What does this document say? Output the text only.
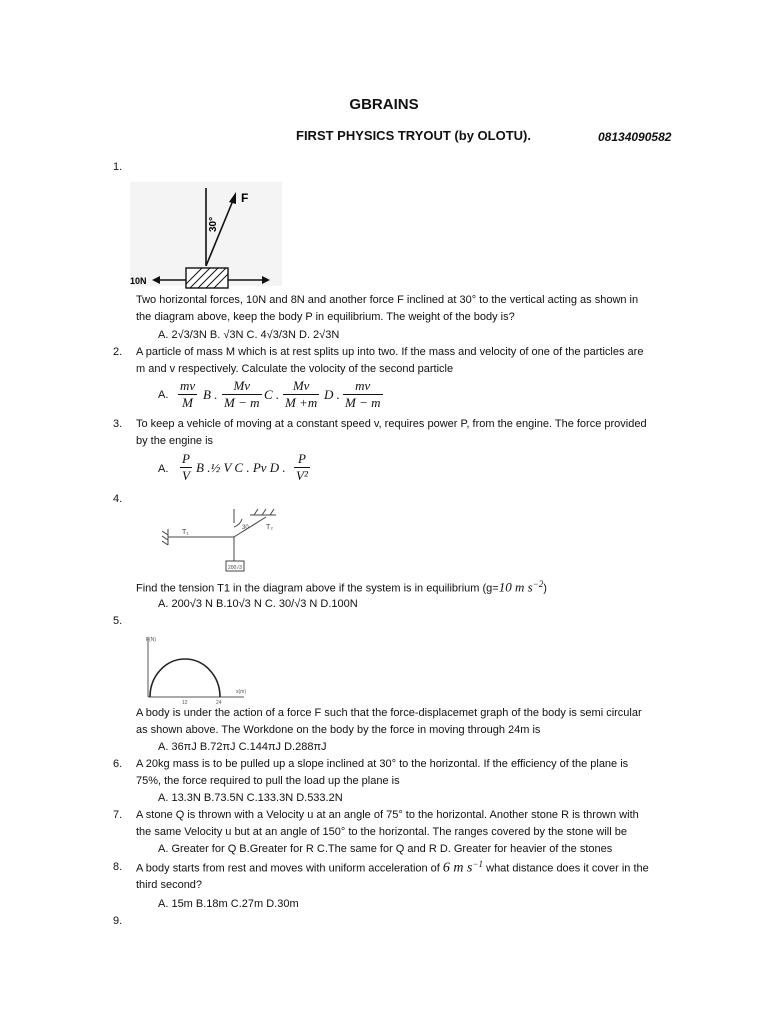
GBRAINS
FIRST PHYSICS TRYOUT (by OLOTU).	08134090582
1.
F
30°
10N
Two horizontal forces, 10N and 8N and another force F inclined at 30° to the vertical acting as shown in
the diagram above, keep the body P in equilibrium. The weight of the body is?
A. 2√3/3N B. √3N C. 4√3/3N D. 2√3N
2. A particle of mass M which is at rest splits up into two. If the mass and velocity of one of the particles are
m and v respectively. Calculate the volocity of the second particle
A. $\frac{mv}{M}$ B . $\frac{Mv}{M - m}$ C . $\frac{Mv}{M +m}$ D . $\frac{mv}{M - m}$
3. To keep a vehicle of moving at a constant speed v, requires power P, from the engine. The force provided
by the engine is
A. $\frac{P}{V}$ B .½ V C . Pv D . $\frac{P}{\text{V²}}$
4.
T₁
T₂
30
200√3
Find the tension T1 in the diagram above if the system is in equilibrium (g=10 m $s^{-2}$)
A. 200√3 N B.10√3 N C. 30/√3 N D.100N
5.
F(N)
x(m)
12	24
A body is under the action of a force F such that the force-displacemet graph of the body is semi circular
as shown above. The Workdone on the body by the force in moving through 24m is
A. 36πJ B.72πJ C.144πJ D.288πJ
6. A 20kg mass is to be pulled up a slope inclined at 30° to the horizontal. If the efficiency of the plane is
75%, the force required to pull the load up the plane is
A. 13.3N B.73.5N C.133.3N D.533.2N
7. A stone Q is thrown with a Velocity u at an angle of 75° to the horizontal. Another stone R is thrown with
the same Velocity u but at an angle of 150° to the horizontal. The ranges covered by the stone will be
A. Greater for Q B.Greater for R C.The same for Q and R D. Greater for heavier of the stones
8. A body starts from rest and moves with uniform acceleration of 6 m $s^{-1}$ what distance does it cover in the
third second?
A. 15m B.18m C.27m D.30m
9.
